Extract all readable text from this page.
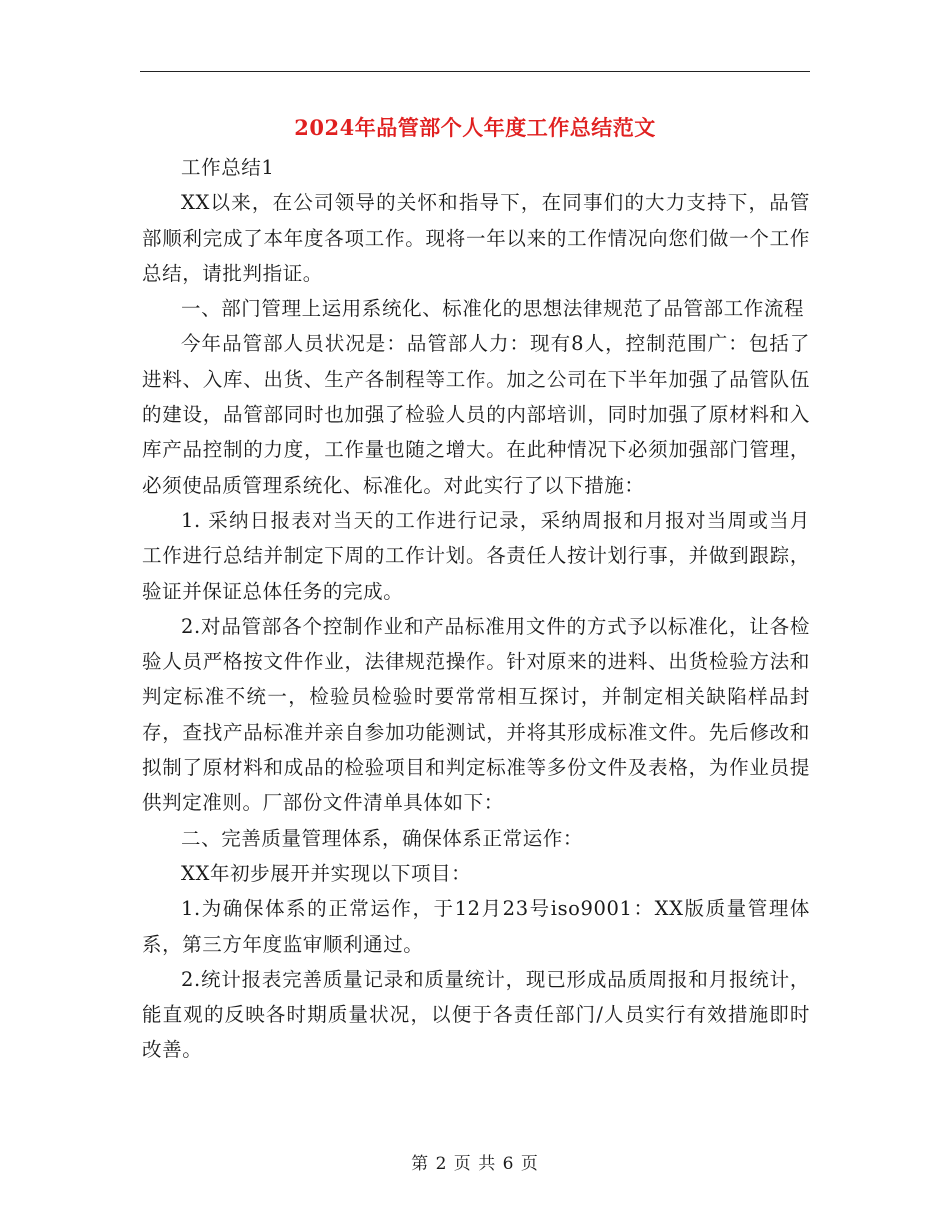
2024年品管部个人年度工作总结范文

工作总结1

XX以来，在公司领导的关怀和指导下，在同事们的大力支持下，品管部顺利完成了本年度各项工作。现将一年以来的工作情况向您们做一个工作总结，请批判指证。

一、部门管理上运用系统化、标准化的思想法律规范了品管部工作流程

今年品管部人员状况是：品管部人力：现有8人，控制范围广：包括了进料、入库、出货、生产各制程等工作。加之公司在下半年加强了品管队伍的建设，品管部同时也加强了检验人员的内部培训，同时加强了原材料和入库产品控制的力度，工作量也随之增大。在此种情况下必须加强部门管理，必须使品质管理系统化、标准化。对此实行了以下措施：

1. 采纳日报表对当天的工作进行记录，采纳周报和月报对当周或当月工作进行总结并制定下周的工作计划。各责任人按计划行事，并做到跟踪，验证并保证总体任务的完成。

2.对品管部各个控制作业和产品标准用文件的方式予以标准化，让各检验人员严格按文件作业，法律规范操作。针对原来的进料、出货检验方法和判定标准不统一，检验员检验时要常常相互探讨，并制定相关缺陷样品封存，查找产品标准并亲自参加功能测试，并将其形成标准文件。先后修改和拟制了原材料和成品的检验项目和判定标准等多份文件及表格，为作业员提供判定准则。厂部份文件清单具体如下：

二、完善质量管理体系，确保体系正常运作：

XX年初步展开并实现以下项目：

1.为确保体系的正常运作，于12月23号iso9001：XX版质量管理体系，第三方年度监审顺利通过。

2.统计报表完善质量记录和质量统计，现已形成品质周报和月报统计，能直观的反映各时期质量状况，以便于各责任部门/人员实行有效措施即时改善。

第 2 页 共 6 页
